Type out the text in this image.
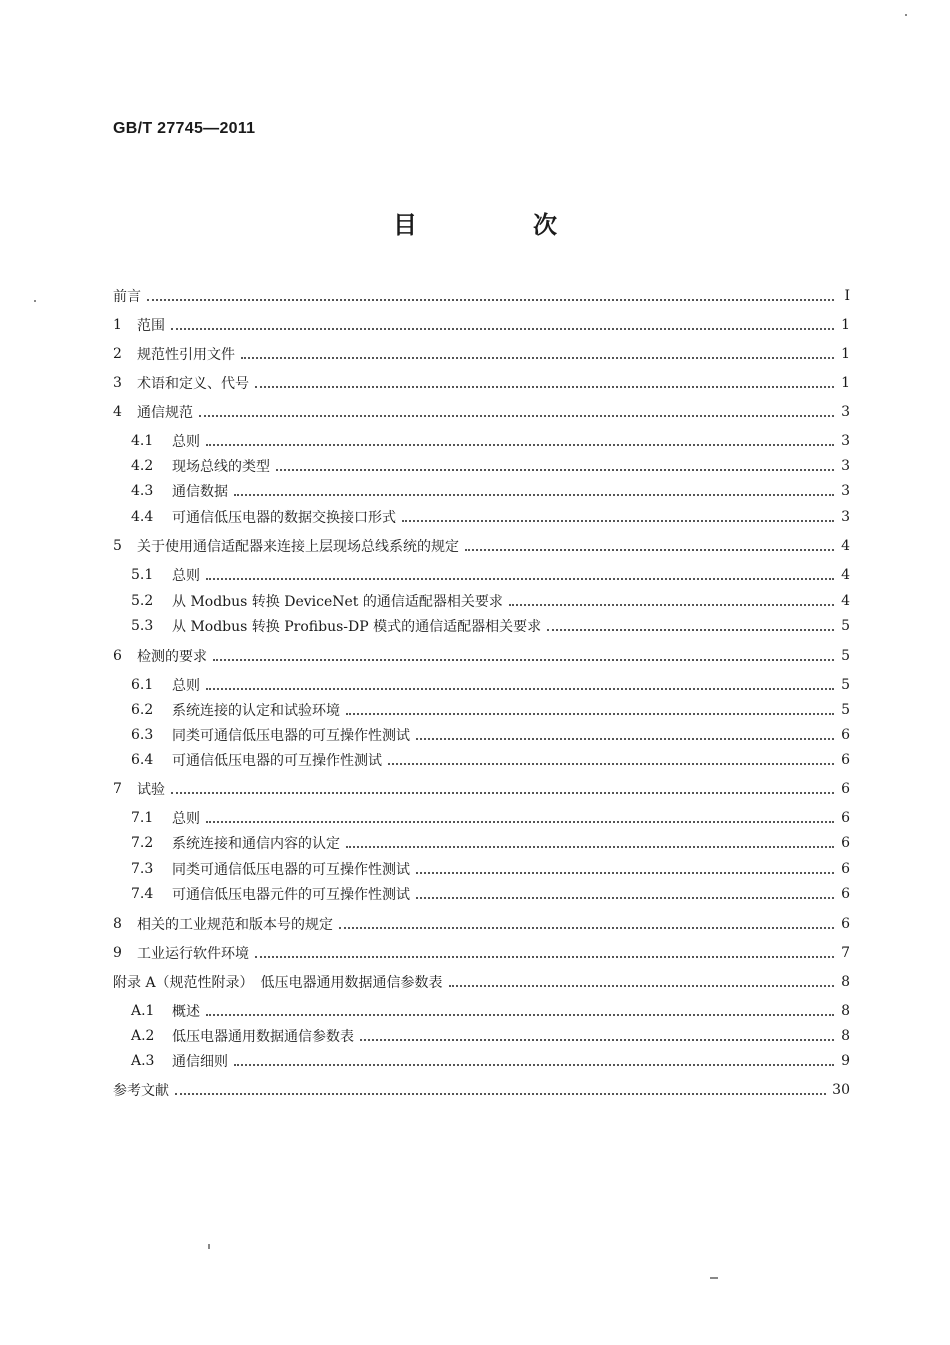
GB/T 27745—2011
目　次
前言	Ⅰ
1	范围	1
2	规范性引用文件	1
3	术语和定义、代号	1
4	通信规范	3
4.1	总则	3
4.2	现场总线的类型	3
4.3	通信数据	3
4.4	可通信低压电器的数据交换接口形式	3
5	关于使用通信适配器来连接上层现场总线系统的规定	4
5.1	总则	4
5.2	从 Modbus 转换 DeviceNet 的通信适配器相关要求	4
5.3	从 Modbus 转换 Profibus-DP 模式的通信适配器相关要求	5
6	检测的要求	5
6.1	总则	5
6.2	系统连接的认定和试验环境	5
6.3	同类可通信低压电器的可互操作性测试	6
6.4	可通信低压电器的可互操作性测试	6
7	试验	6
7.1	总则	6
7.2	系统连接和通信内容的认定	6
7.3	同类可通信低压电器的可互操作性测试	6
7.4	可通信低压电器元件的可互操作性测试	6
8	相关的工业规范和版本号的规定	6
9	工业运行软件环境	7
附录 A（规范性附录）　低压电器通用数据通信参数表	8
A.1	概述	8
A.2	低压电器通用数据通信参数表	8
A.3	通信细则	9
参考文献	30
